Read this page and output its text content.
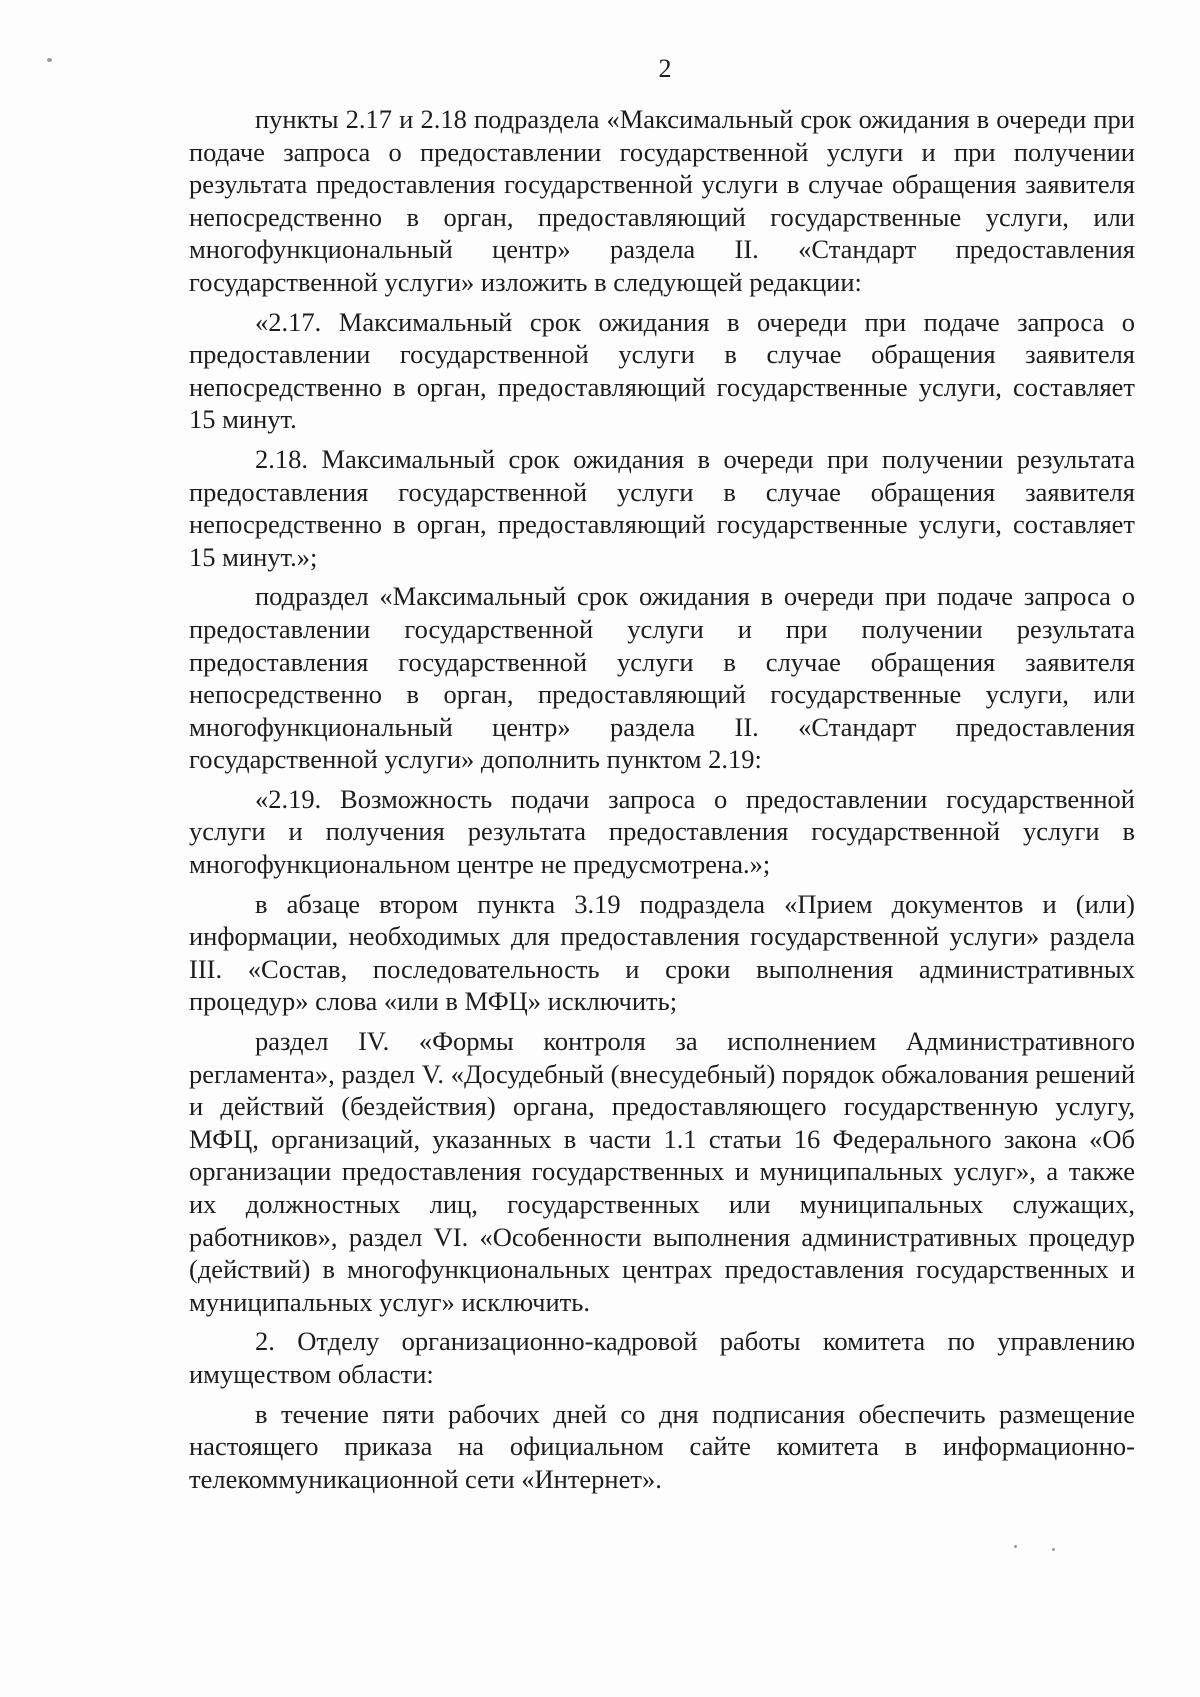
2

пункты 2.17 и 2.18 подраздела «Максимальный срок ожидания в очереди при подаче запроса о предоставлении государственной услуги и при получении результата предоставления государственной услуги в случае обращения заявителя непосредственно в орган, предоставляющий государственные услуги, или многофункциональный центр» раздела II. «Стандарт предоставления государственной услуги» изложить в следующей редакции:

«2.17. Максимальный срок ожидания в очереди при подаче запроса о предоставлении государственной услуги в случае обращения заявителя непосредственно в орган, предоставляющий государственные услуги, составляет 15 минут.

2.18. Максимальный срок ожидания в очереди при получении результата предоставления государственной услуги в случае обращения заявителя непосредственно в орган, предоставляющий государственные услуги, составляет 15 минут.»;

подраздел «Максимальный срок ожидания в очереди при подаче запроса о предоставлении государственной услуги и при получении результата предоставления государственной услуги в случае обращения заявителя непосредственно в орган, предоставляющий государственные услуги, или многофункциональный центр» раздела II. «Стандарт предоставления государственной услуги» дополнить пунктом 2.19:

«2.19. Возможность подачи запроса о предоставлении государственной услуги и получения результата предоставления государственной услуги в многофункциональном центре не предусмотрена.»;

в абзаце втором пункта 3.19 подраздела «Прием документов и (или) информации, необходимых для предоставления государственной услуги» раздела III. «Состав, последовательность и сроки выполнения административных процедур» слова «или в МФЦ» исключить;

раздел IV. «Формы контроля за исполнением Административного регламента», раздел V. «Досудебный (внесудебный) порядок обжалования решений и действий (бездействия) органа, предоставляющего государственную услугу, МФЦ, организаций, указанных в части 1.1 статьи 16 Федерального закона «Об организации предоставления государственных и муниципальных услуг», а также их должностных лиц, государственных или муниципальных служащих, работников», раздел VI. «Особенности выполнения административных процедур (действий) в многофункциональных центрах предоставления государственных и муниципальных услуг» исключить.

2. Отделу организационно-кадровой работы комитета по управлению имуществом области:

в течение пяти рабочих дней со дня подписания обеспечить размещение настоящего приказа на официальном сайте комитета в информационно-телекоммуникационной сети «Интернет».
